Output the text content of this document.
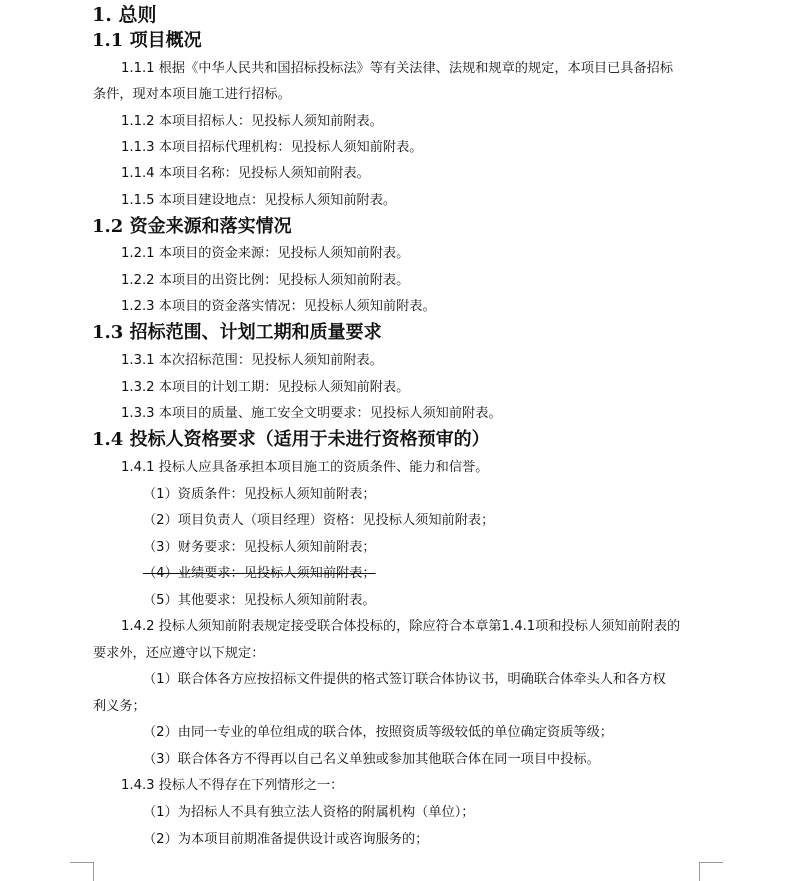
1. 总则
1.1 项目概况
1.1.1 根据《中华人民共和国招标投标法》等有关法律、法规和规章的规定，本项目已具备招标
条件，现对本项目施工进行招标。
1.1.2 本项目招标人：见投标人须知前附表。
1.1.3 本项目招标代理机构：见投标人须知前附表。
1.1.4 本项目名称：见投标人须知前附表。
1.1.5 本项目建设地点：见投标人须知前附表。
1.2 资金来源和落实情况
1.2.1 本项目的资金来源：见投标人须知前附表。
1.2.2 本项目的出资比例：见投标人须知前附表。
1.2.3 本项目的资金落实情况：见投标人须知前附表。
1.3 招标范围、计划工期和质量要求
1.3.1 本次招标范围：见投标人须知前附表。
1.3.2 本项目的计划工期：见投标人须知前附表。
1.3.3 本项目的质量、施工安全文明要求：见投标人须知前附表。
1.4 投标人资格要求（适用于未进行资格预审的）
1.4.1 投标人应具备承担本项目施工的资质条件、能力和信誉。
（1）资质条件：见投标人须知前附表；
（2）项目负责人（项目经理）资格：见投标人须知前附表；
（3）财务要求：见投标人须知前附表；
（4）业绩要求：见投标人须知前附表；
（5）其他要求：见投标人须知前附表。
1.4.2 投标人须知前附表规定接受联合体投标的，除应符合本章第1.4.1项和投标人须知前附表的
要求外，还应遵守以下规定：
（1）联合体各方应按招标文件提供的格式签订联合体协议书，明确联合体牵头人和各方权
利义务；
（2）由同一专业的单位组成的联合体，按照资质等级较低的单位确定资质等级；
（3）联合体各方不得再以自己名义单独或参加其他联合体在同一项目中投标。
1.4.3 投标人不得存在下列情形之一：
（1）为招标人不具有独立法人资格的附属机构（单位）；
（2）为本项目前期准备提供设计或咨询服务的；
